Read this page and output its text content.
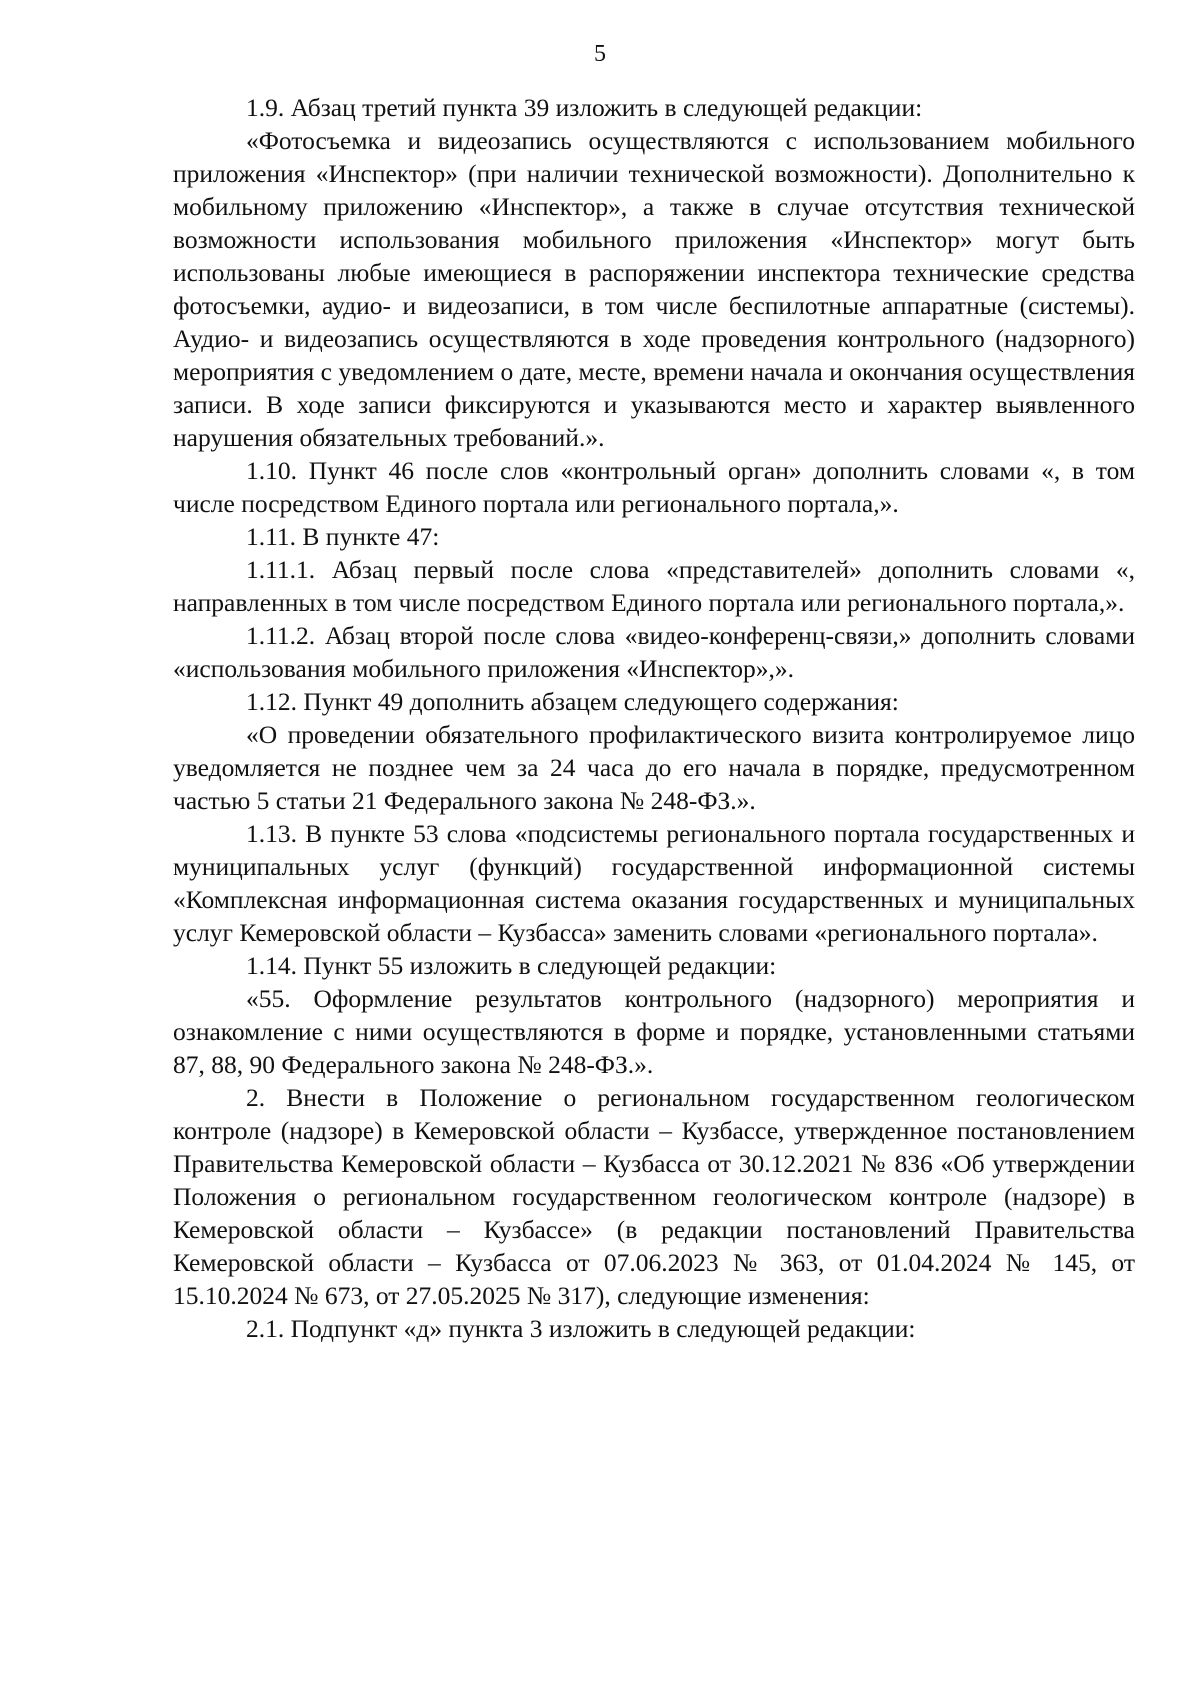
5

1.9. Абзац третий пункта 39 изложить в следующей редакции:

«Фотосъемка и видеозапись осуществляются с использованием мобильного приложения «Инспектор» (при наличии технической возможности). Дополнительно к мобильному приложению «Инспектор», а также в случае отсутствия технической возможности использования мобильного приложения «Инспектор» могут быть использованы любые имеющиеся в распоряжении инспектора технические средства фотосъемки, аудио- и видеозаписи, в том числе беспилотные аппаратные (системы). Аудио- и видеозапись осуществляются в ходе проведения контрольного (надзорного) мероприятия с уведомлением о дате, месте, времени начала и окончания осуществления записи. В ходе записи фиксируются и указываются место и характер выявленного нарушения обязательных требований.».

1.10. Пункт 46 после слов «контрольный орган» дополнить словами «, в том числе посредством Единого портала или регионального портала,».

1.11. В пункте 47:

1.11.1. Абзац первый после слова «представителей» дополнить словами «, направленных в том числе посредством Единого портала или регионального портала,».

1.11.2. Абзац второй после слова «видео-конференц-связи,» дополнить словами «использования мобильного приложения «Инспектор»,».

1.12. Пункт 49 дополнить абзацем следующего содержания:

«О проведении обязательного профилактического визита контролируемое лицо уведомляется не позднее чем за 24 часа до его начала в порядке, предусмотренном частью 5 статьи 21 Федерального закона № 248-ФЗ.».

1.13. В пункте 53 слова «подсистемы регионального портала государственных и муниципальных услуг (функций) государственной информационной системы «Комплексная информационная система оказания государственных и муниципальных услуг Кемеровской области – Кузбасса» заменить словами «регионального портала».

1.14. Пункт 55 изложить в следующей редакции:

«55. Оформление результатов контрольного (надзорного) мероприятия и ознакомление с ними осуществляются в форме и порядке, установленными статьями 87, 88, 90 Федерального закона № 248-ФЗ.».

2. Внести в Положение о региональном государственном геологическом контроле (надзоре) в Кемеровской области – Кузбассе, утвержденное постановлением Правительства Кемеровской области – Кузбасса от 30.12.2021 № 836 «Об утверждении Положения о региональном государственном геологическом контроле (надзоре) в Кемеровской области – Кузбассе» (в редакции постановлений Правительства Кемеровской области – Кузбасса от 07.06.2023 № 363, от 01.04.2024 № 145, от 15.10.2024 № 673, от 27.05.2025 № 317), следующие изменения:

2.1. Подпункт «д» пункта 3 изложить в следующей редакции:
